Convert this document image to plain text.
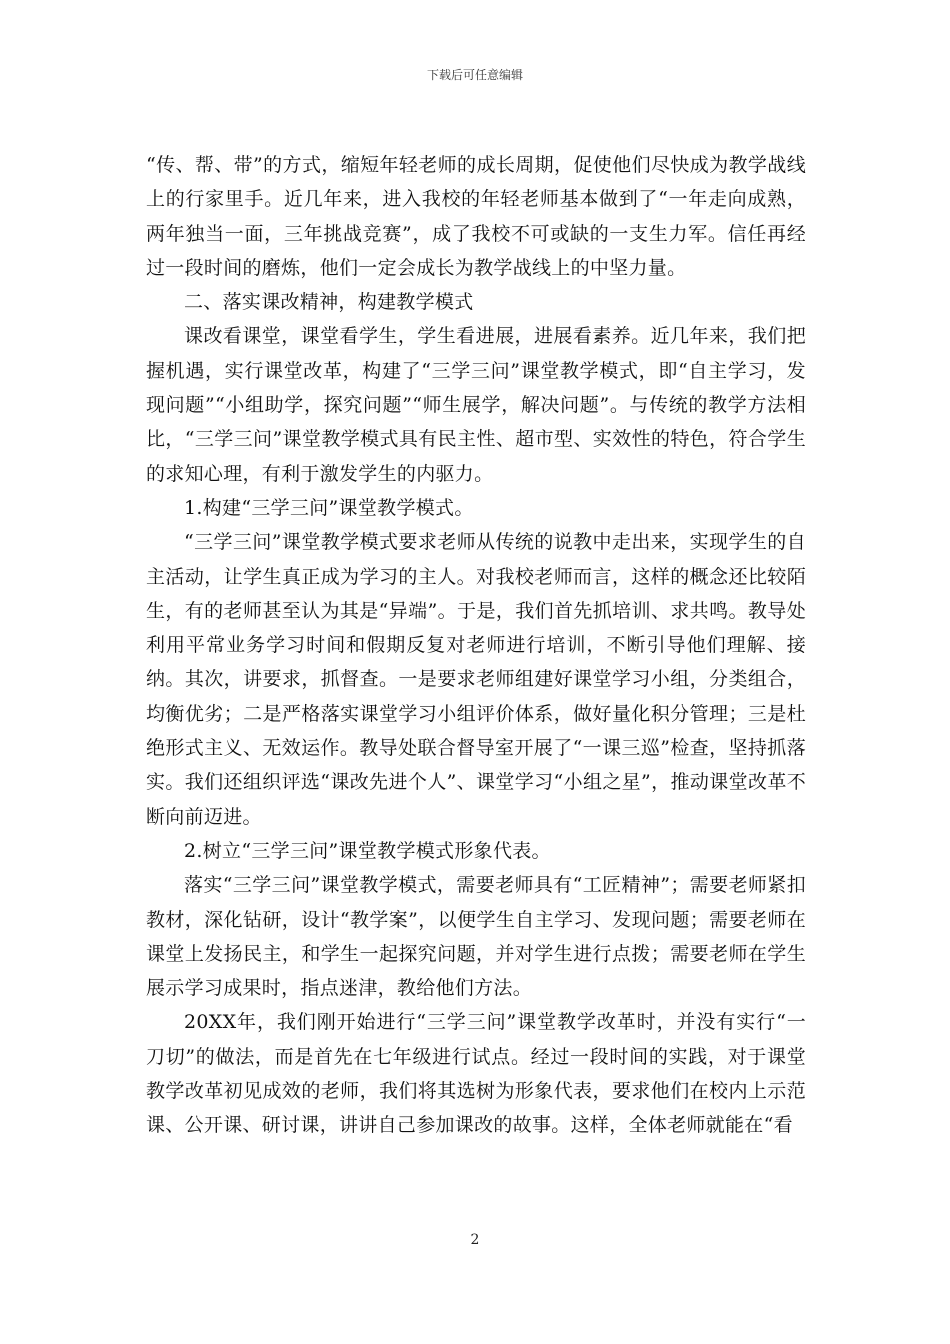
下载后可任意编辑

“传、帮、带”的方式，缩短年轻老师的成长周期，促使他们尽快成为教学战线上的行家里手。近几年来，进入我校的年轻老师基本做到了“一年走向成熟，两年独当一面，三年挑战竞赛”，成了我校不可或缺的一支生力军。信任再经过一段时间的磨炼，他们一定会成长为教学战线上的中坚力量。

二、落实课改精神，构建教学模式

课改看课堂，课堂看学生，学生看进展，进展看素养。近几年来，我们把握机遇，实行课堂改革，构建了“三学三问”课堂教学模式，即“自主学习，发现问题”“小组助学，探究问题”“师生展学，解决问题”。与传统的教学方法相比，“三学三问”课堂教学模式具有民主性、超市型、实效性的特色，符合学生的求知心理，有利于激发学生的内驱力。

1.构建“三学三问”课堂教学模式。

“三学三问”课堂教学模式要求老师从传统的说教中走出来，实现学生的自主活动，让学生真正成为学习的主人。对我校老师而言，这样的概念还比较陌生，有的老师甚至认为其是“异端”。于是，我们首先抓培训、求共鸣。教导处利用平常业务学习时间和假期反复对老师进行培训，不断引导他们理解、接纳。其次，讲要求，抓督查。一是要求老师组建好课堂学习小组，分类组合，均衡优劣；二是严格落实课堂学习小组评价体系，做好量化积分管理；三是杜绝形式主义、无效运作。教导处联合督导室开展了“一课三巡”检查，坚持抓落实。我们还组织评选“课改先进个人”、课堂学习“小组之星”，推动课堂改革不断向前迈进。

2.树立“三学三问”课堂教学模式形象代表。

落实“三学三问”课堂教学模式，需要老师具有“工匠精神”；需要老师紧扣教材，深化钻研，设计“教学案”，以便学生自主学习、发现问题；需要老师在课堂上发扬民主，和学生一起探究问题，并对学生进行点拨；需要老师在学生展示学习成果时，指点迷津，教给他们方法。

20XX年，我们刚开始进行“三学三问”课堂教学改革时，并没有实行“一刀切”的做法，而是首先在七年级进行试点。经过一段时间的实践，对于课堂教学改革初见成效的老师，我们将其选树为形象代表，要求他们在校内上示范课、公开课、研讨课，讲讲自己参加课改的故事。这样，全体老师就能在“看

2
